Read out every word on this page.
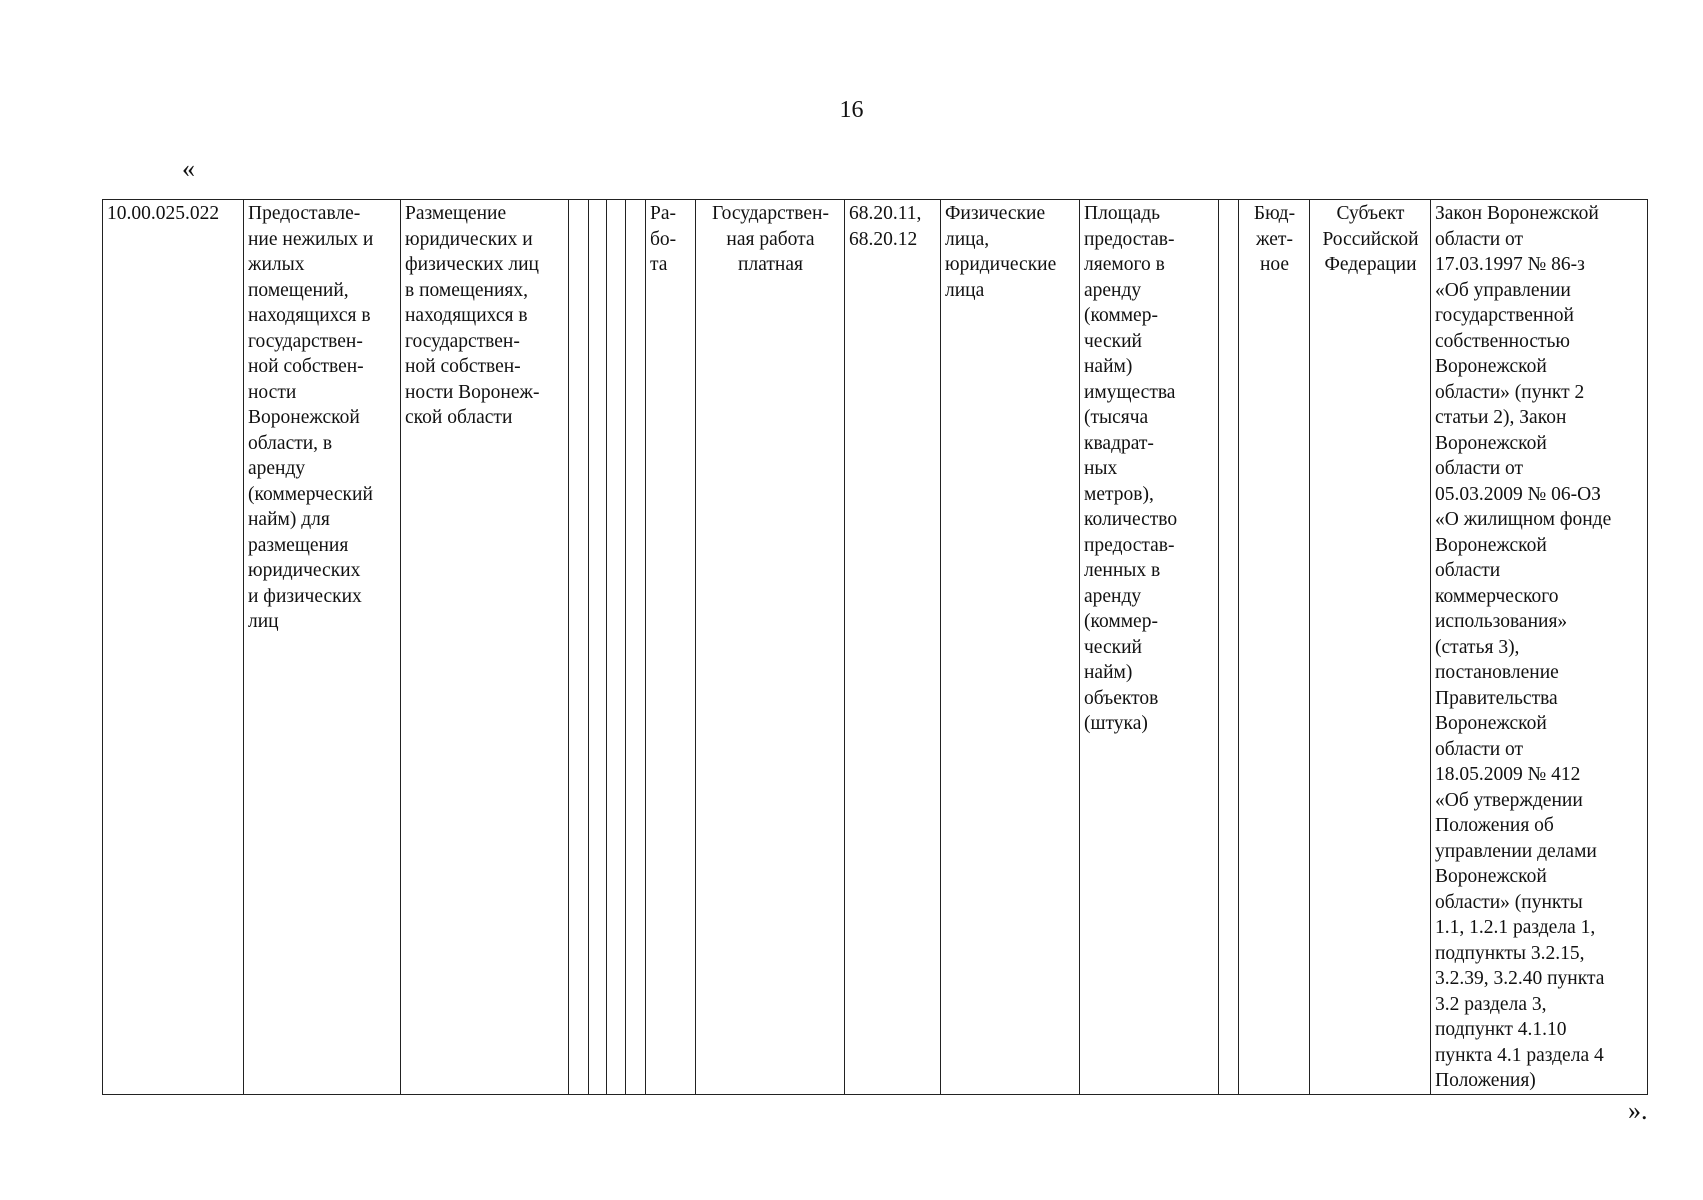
16
«
10.00.025.022	Предоставле-
ние нежилых и
жилых
помещений,
находящихся в
государствен-
ной собствен-
ности
Воронежской
области, в
аренду
(коммерческий
найм) для
размещения
юридических
и физических
лиц	Размещение
юридических и
физических лиц
в помещениях,
находящихся в
государствен-
ной собствен-
ности Воронеж-
ской области					Ра-
бо-
та	Государствен-
ная работа
платная	68.20.11,
68.20.12	Физические
лица,
юридические
лица	Площадь
предостав-
ляемого в
аренду
(коммер-
ческий
найм)
имущества
(тысяча
квадрат-
ных
метров),
количество
предостав-
ленных в
аренду
(коммер-
ческий
найм)
объектов
(штука)		Бюд-
жет-
ное	Субъект
Российской
Федерации	Закон Воронежской
области от
17.03.1997 № 86-з
«Об управлении
государственной
собственностью
Воронежской
области» (пункт 2
статьи 2), Закон
Воронежской
области от
05.03.2009 № 06-ОЗ
«О жилищном фонде
Воронежской
области
коммерческого
использования»
(статья 3),
постановление
Правительства
Воронежской
области от
18.05.2009 № 412
«Об утверждении
Положения об
управлении делами
Воронежской
области» (пункты
1.1, 1.2.1 раздела 1,
подпункты 3.2.15,
3.2.39, 3.2.40 пункта
3.2 раздела 3,
подпункт 4.1.10
пункта 4.1 раздела 4
Положения)
».
